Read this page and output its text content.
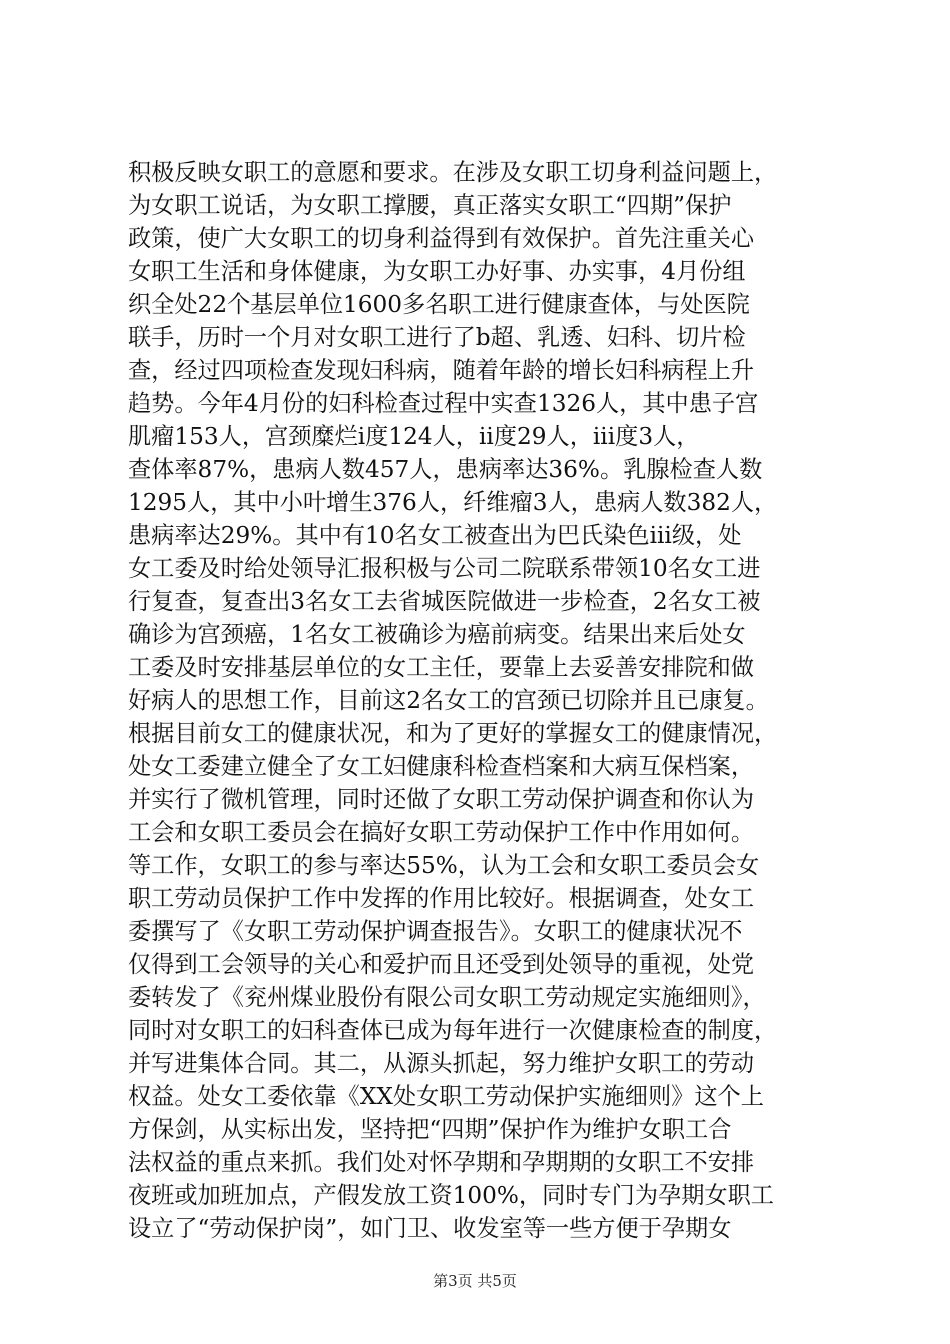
积极反映女职工的意愿和要求。在涉及女职工切身利益问题上，
为女职工说话，为女职工撑腰，真正落实女职工“四期”保护
政策，使广大女职工的切身利益得到有效保护。首先注重关心
女职工生活和身体健康，为女职工办好事、办实事，4月份组
织全处22个基层单位1600多名职工进行健康查体，与处医院
联手，历时一个月对女职工进行了b超、乳透、妇科、切片检
查，经过四项检查发现妇科病，随着年龄的增长妇科病程上升
趋势。今年4月份的妇科检查过程中实查1326人，其中患子宫
肌瘤153人，宫颈糜烂i度124人，ii度29人，iii度3人，
查体率87%，患病人数457人，患病率达36%。乳腺检查人数
1295人，其中小叶增生376人，纤维瘤3人，患病人数382人，
患病率达29%。其中有10名女工被查出为巴氏染色iii级，处
女工委及时给处领导汇报积极与公司二院联系带领10名女工进
行复查，复查出3名女工去省城医院做进一步检查，2名女工被
确诊为宫颈癌，1名女工被确诊为癌前病变。结果出来后处女
工委及时安排基层单位的女工主任，要靠上去妥善安排院和做
好病人的思想工作，目前这2名女工的宫颈已切除并且已康复。
根据目前女工的健康状况，和为了更好的掌握女工的健康情况，
处女工委建立健全了女工妇健康科检查档案和大病互保档案，
并实行了微机管理，同时还做了女职工劳动保护调查和你认为
工会和女职工委员会在搞好女职工劳动保护工作中作用如何。
等工作，女职工的参与率达55%，认为工会和女职工委员会女
职工劳动员保护工作中发挥的作用比较好。根据调查，处女工
委撰写了《女职工劳动保护调查报告》。女职工的健康状况不
仅得到工会领导的关心和爱护而且还受到处领导的重视，处党
委转发了《兖州煤业股份有限公司女职工劳动规定实施细则》，
同时对女职工的妇科查体已成为每年进行一次健康检查的制度，
并写进集体合同。其二，从源头抓起，努力维护女职工的劳动
权益。处女工委依靠《XX处女职工劳动保护实施细则》这个上
方保剑，从实标出发，坚持把“四期”保护作为维护女职工合
法权益的重点来抓。我们处对怀孕期和孕期期的女职工不安排
夜班或加班加点，产假发放工资100%，同时专门为孕期女职工
设立了“劳动保护岗”，如门卫、收发室等一些方便于孕期女
第3页 共5页
